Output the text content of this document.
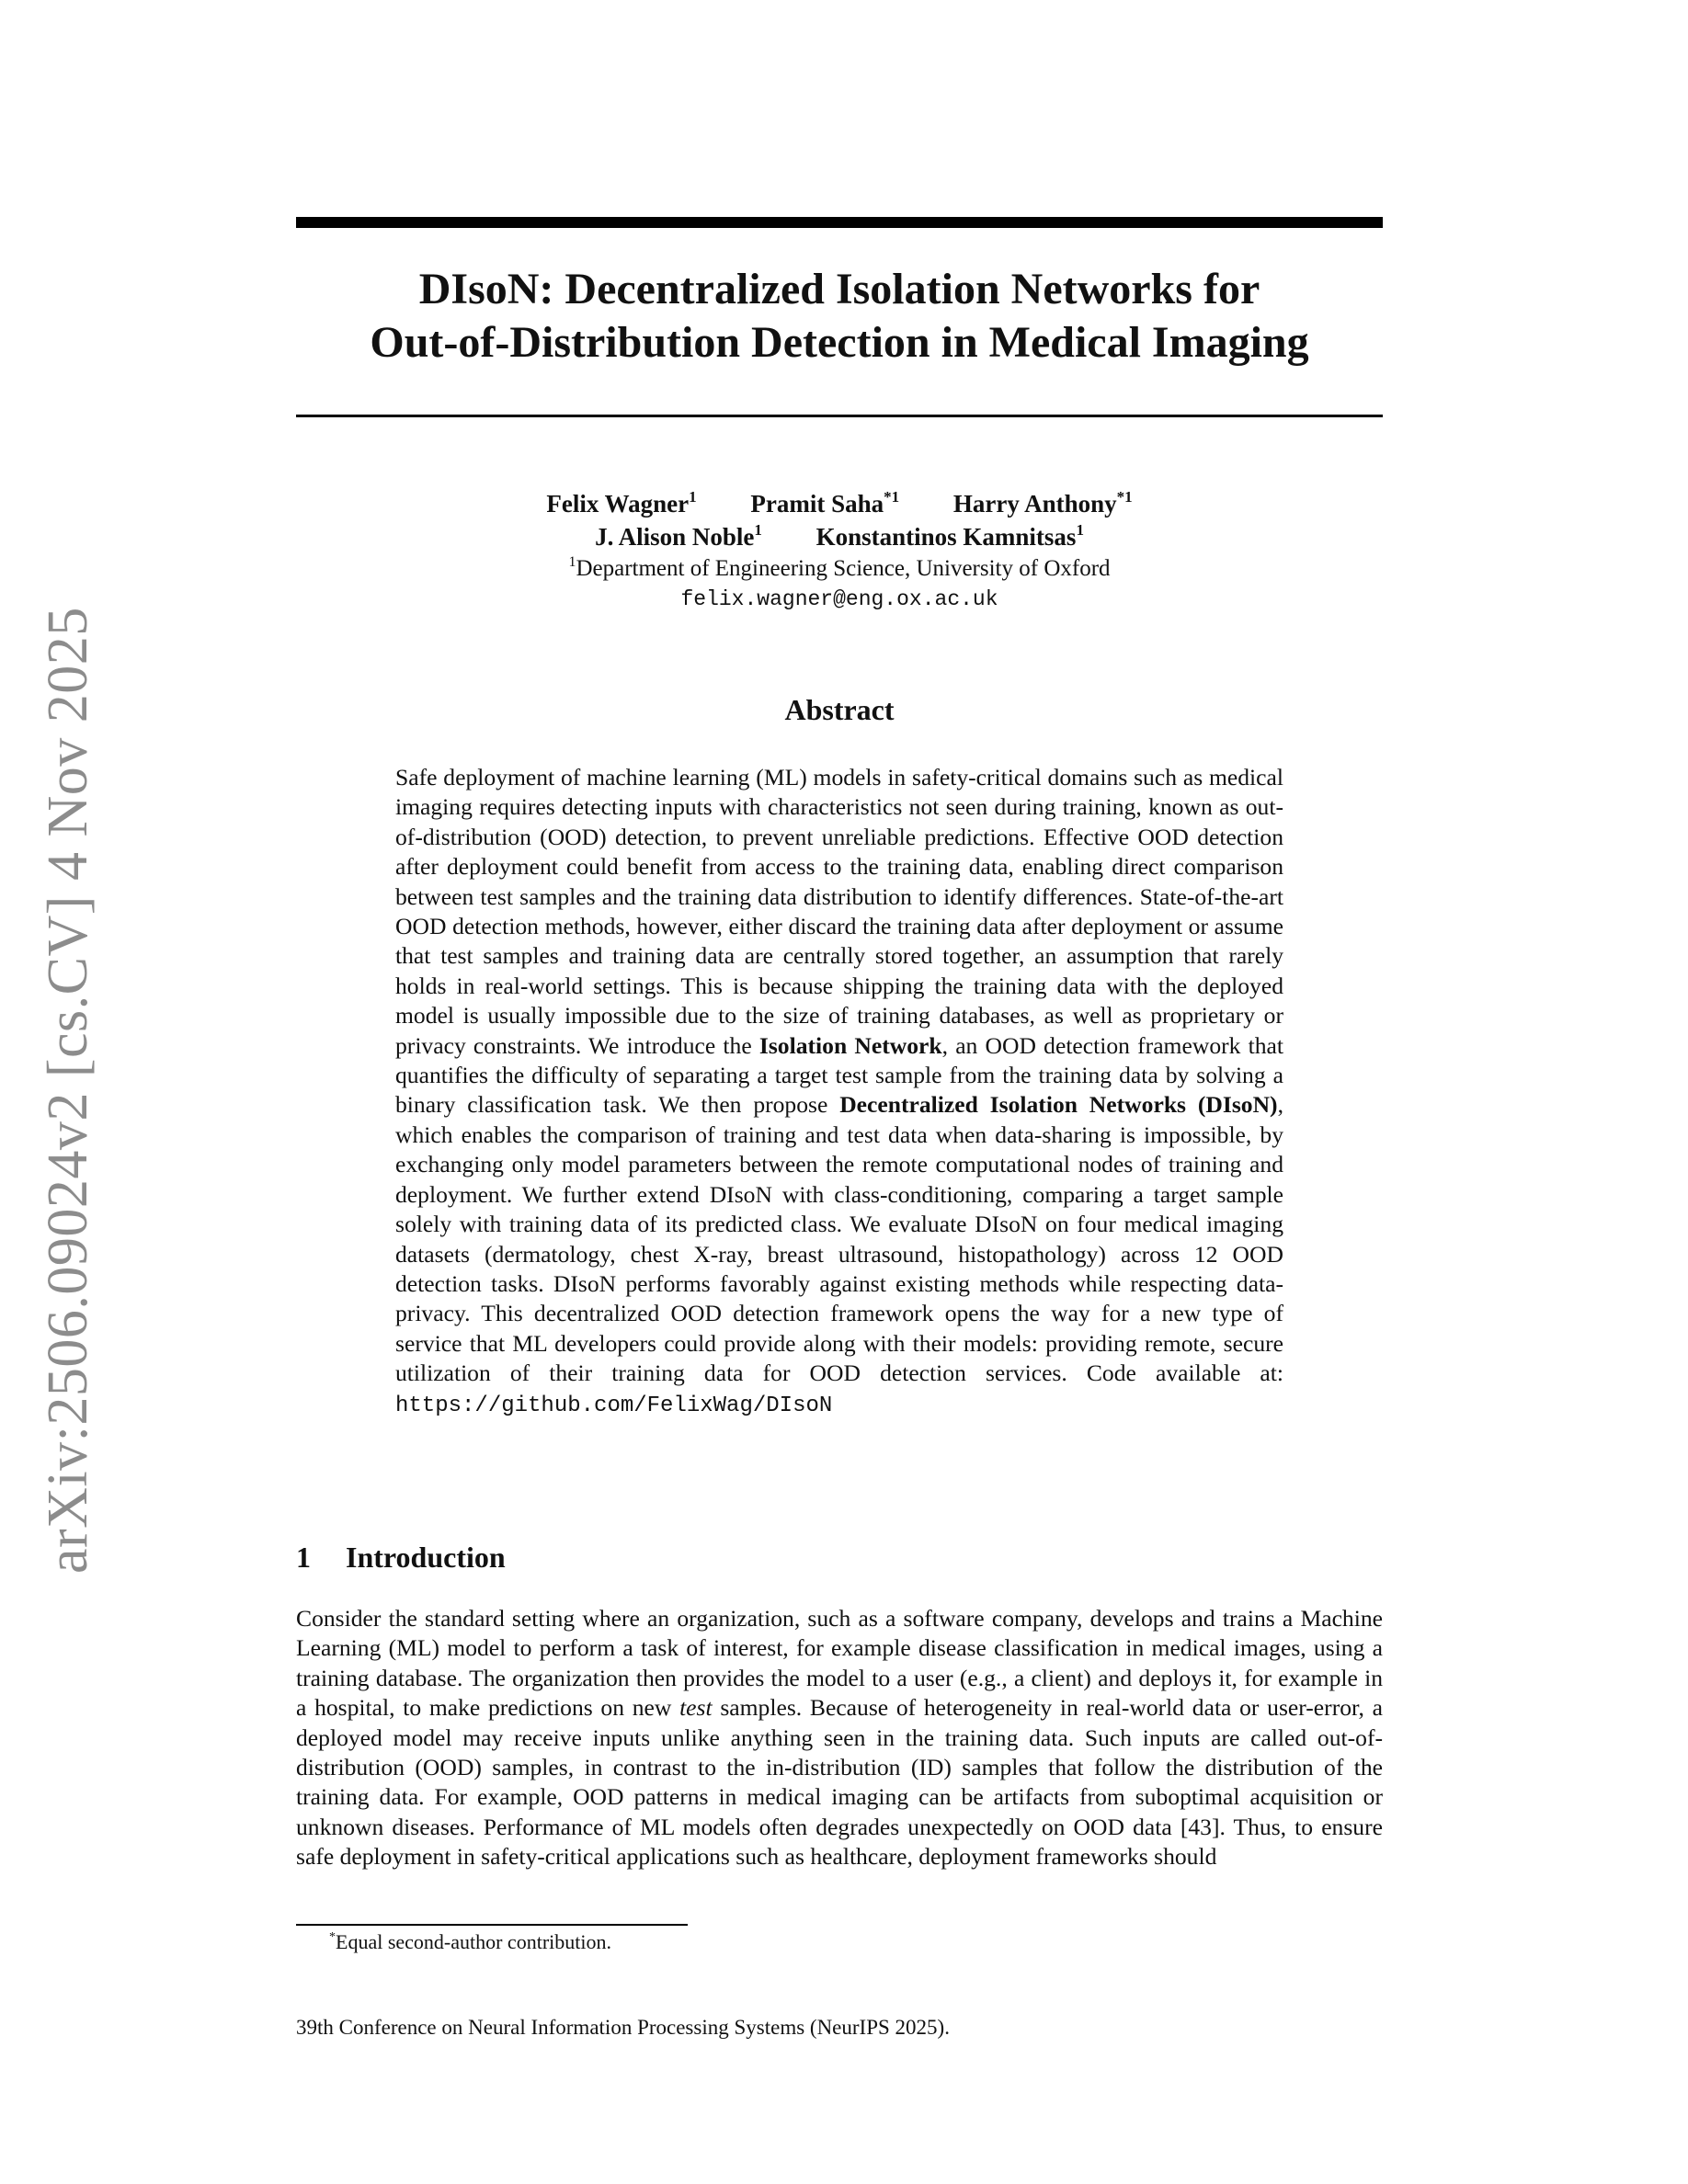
arXiv:2506.09024v2 [cs.CV] 4 Nov 2025
DIsoN: Decentralized Isolation Networks for
Out-of-Distribution Detection in Medical Imaging
Felix Wagner$^1$ Pramit Saha$^{*1}$ Harry Anthony$^{*1}$
J. Alison Noble$^1$ Konstantinos Kamnitsas$^1$
$^1$Department of Engineering Science, University of Oxford
felix.wagner@eng.ox.ac.uk
Abstract
Safe deployment of machine learning (ML) models in safety-critical domains such as medical imaging requires detecting inputs with characteristics not seen during training, known as out-of-distribution (OOD) detection, to prevent unreliable predictions. Effective OOD detection after deployment could benefit from access to the training data, enabling direct comparison between test samples and the training data distribution to identify differences. State-of-the-art OOD detection methods, however, either discard the training data after deployment or assume that test samples and training data are centrally stored together, an assumption that rarely holds in real-world settings. This is because shipping the training data with the deployed model is usually impossible due to the size of training databases, as well as proprietary or privacy constraints. We introduce the Isolation Network, an OOD detection framework that quantifies the difficulty of separating a target test sample from the training data by solving a binary classification task. We then propose Decentralized Isolation Networks (DIsoN), which enables the comparison of training and test data when data-sharing is impossible, by exchanging only model parameters between the remote computational nodes of training and deployment. We further extend DIsoN with class-conditioning, comparing a target sample solely with training data of its predicted class. We evaluate DIsoN on four medical imaging datasets (dermatology, chest X-ray, breast ultrasound, histopathology) across 12 OOD detection tasks. DIsoN performs favorably against existing methods while respecting data-privacy. This decentralized OOD detection framework opens the way for a new type of service that ML developers could provide along with their models: providing remote, secure utilization of their training data for OOD detection services. Code available at: https://github.com/FelixWag/DIsoN
1 Introduction
Consider the standard setting where an organization, such as a software company, develops and trains a Machine Learning (ML) model to perform a task of interest, for example disease classification in medical images, using a training database. The organization then provides the model to a user (e.g., a client) and deploys it, for example in a hospital, to make predictions on new test samples. Because of heterogeneity in real-world data or user-error, a deployed model may receive inputs unlike anything seen in the training data. Such inputs are called out-of-distribution (OOD) samples, in contrast to the in-distribution (ID) samples that follow the distribution of the training data. For example, OOD patterns in medical imaging can be artifacts from suboptimal acquisition or unknown diseases. Performance of ML models often degrades unexpectedly on OOD data [43]. Thus, to ensure safe deployment in safety-critical applications such as healthcare, deployment frameworks should
*Equal second-author contribution.
39th Conference on Neural Information Processing Systems (NeurIPS 2025).
